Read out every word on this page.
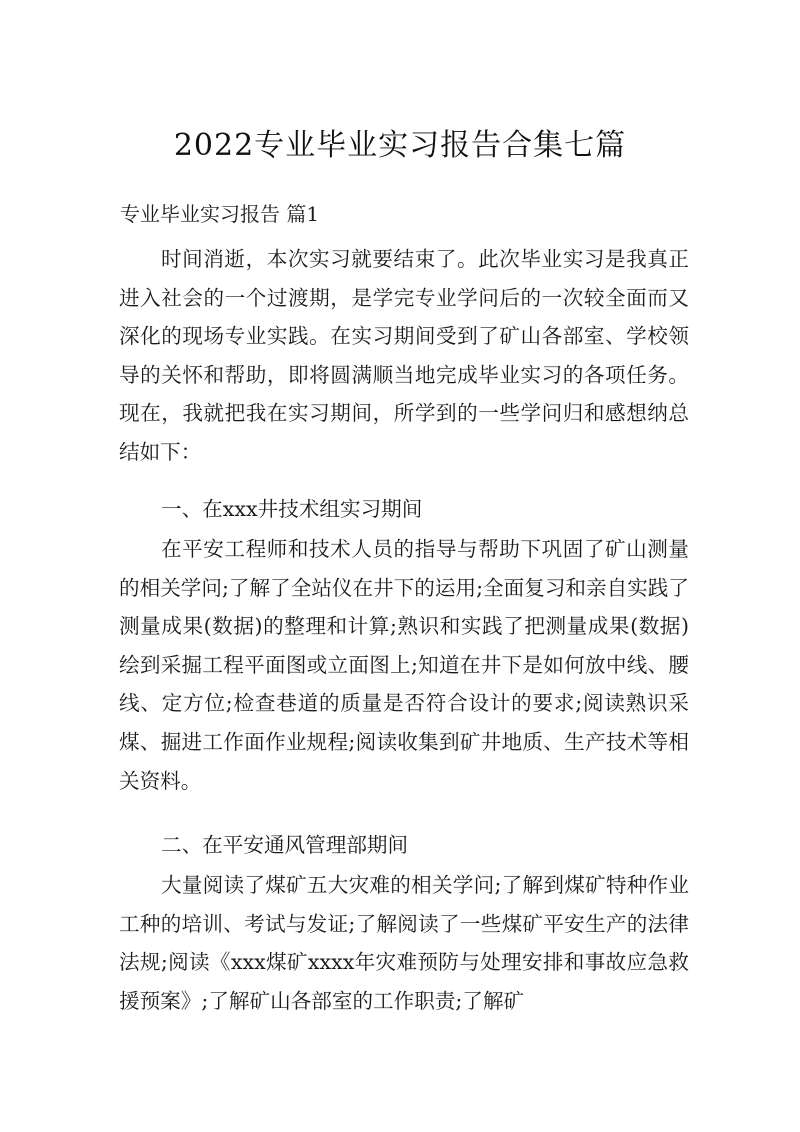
2022专业毕业实习报告合集七篇
专业毕业实习报告 篇1
时间消逝，本次实习就要结束了。此次毕业实习是我真正进入社会的一个过渡期，是学完专业学问后的一次较全面而又深化的现场专业实践。在实习期间受到了矿山各部室、学校领导的关怀和帮助，即将圆满顺当地完成毕业实习的各项任务。现在，我就把我在实习期间，所学到的一些学问归和感想纳总结如下：
一、在xxx井技术组实习期间
在平安工程师和技术人员的指导与帮助下巩固了矿山测量的相关学问;了解了全站仪在井下的运用;全面复习和亲自实践了测量成果(数据)的整理和计算;熟识和实践了把测量成果(数据)绘到采掘工程平面图或立面图上;知道在井下是如何放中线、腰线、定方位;检查巷道的质量是否符合设计的要求;阅读熟识采煤、掘进工作面作业规程;阅读收集到矿井地质、生产技术等相关资料。
二、在平安通风管理部期间
大量阅读了煤矿五大灾难的相关学问;了解到煤矿特种作业工种的培训、考试与发证;了解阅读了一些煤矿平安生产的法律法规;阅读《xxx煤矿xxxx年灾难预防与处理安排和事故应急救援预案》;了解矿山各部室的工作职责;了解矿
